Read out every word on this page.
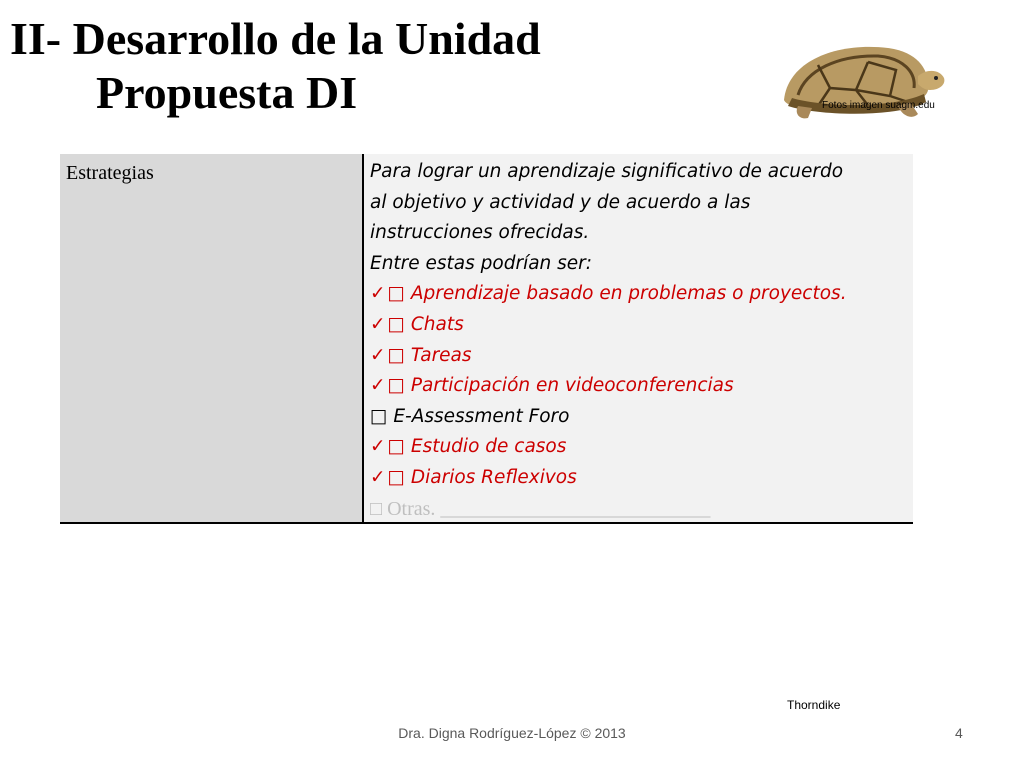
II- Desarrollo de la Unidad
Propuesta DI	Fotos imagen suagm.edu
Estrategias	Para lograr un aprendizaje significativo de acuerdo
al objetivo y actividad y de acuerdo a las
instrucciones ofrecidas.
Entre estas podrían ser:
✓ □ Aprendizaje basado en problemas o proyectos.
✓ □ Chats
✓ □ Tareas
✓ □ Participación en videoconferencias
□ E-Assessment Foro
✓ □ Estudio de casos
✓ □ Diarios Reflexivos
□ Otras. ___________________________
Thorndike
Dra. Digna Rodríguez-López © 2013	4
